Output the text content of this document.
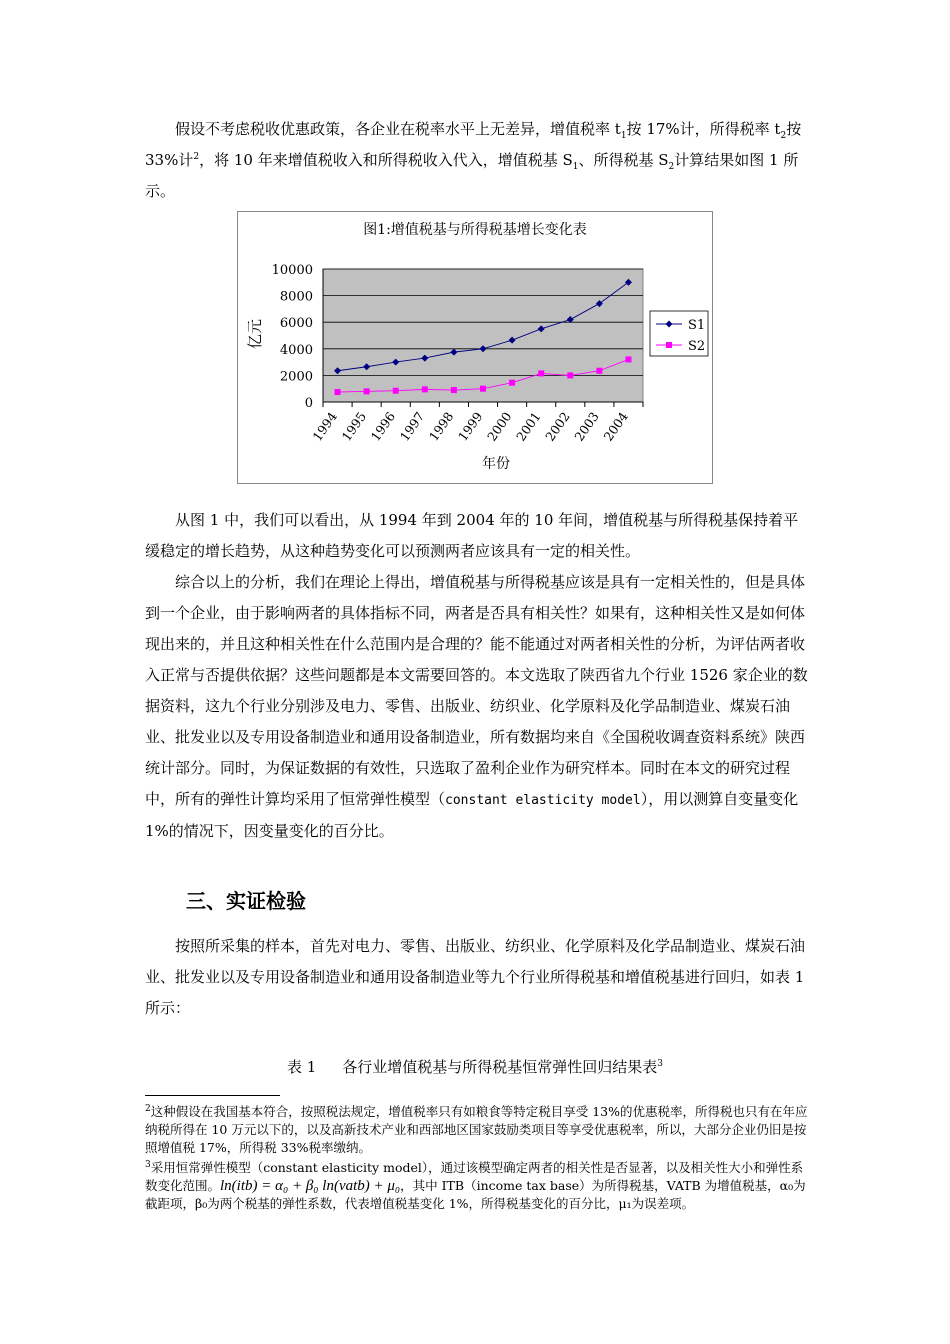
假设不考虑税收优惠政策，各企业在税率水平上无差异，增值税率 $t_1$按 17%计，所得税率 $t_2$按 33%计$^2$，将 10 年来增值税收入和所得税收入代入，增值税基 $S_1$、所得税基 $S_2$计算结果如图 1 所示。

图1:增值税基与所得税基增长变化表
亿元
年份
0
2000
4000
6000
8000
10000
1994
1995
1996
1997
1998
1999
2000
2001
2002
2003
2004
S1
S2

从图 1 中，我们可以看出，从 1994 年到 2004 年的 10 年间，增值税基与所得税基保持着平缓稳定的增长趋势，从这种趋势变化可以预测两者应该具有一定的相关性。

综合以上的分析，我们在理论上得出，增值税基与所得税基应该是具有一定相关性的，但是具体到一个企业，由于影响两者的具体指标不同，两者是否具有相关性？如果有，这种相关性又是如何体现出来的，并且这种相关性在什么范围内是合理的？能不能通过对两者相关性的分析，为评估两者收入正常与否提供依据？这些问题都是本文需要回答的。本文选取了陕西省九个行业 1526 家企业的数据资料，这九个行业分别涉及电力、零售、出版业、纺织业、化学原料及化学品制造业、煤炭石油业、批发业以及专用设备制造业和通用设备制造业，所有数据均来自《全国税收调查资料系统》陕西统计部分。同时，为保证数据的有效性，只选取了盈利企业作为研究样本。同时在本文的研究过程中，所有的弹性计算均采用了恒常弹性模型（constant elasticity model），用以测算自变量变化 1%的情况下，因变量变化的百分比。

三、实证检验

按照所采集的样本，首先对电力、零售、出版业、纺织业、化学原料及化学品制造业、煤炭石油业、批发业以及专用设备制造业和通用设备制造业等九个行业所得税基和增值税基进行回归，如表 1 所示：

表 1 各行业增值税基与所得税基恒常弹性回归结果表$^3$

$^2$这种假设在我国基本符合，按照税法规定，增值税率只有如粮食等特定税目享受 13%的优惠税率，所得税也只有在年应纳税所得在 10 万元以下的，以及高新技术产业和西部地区国家鼓励类项目等享受优惠税率，所以，大部分企业仍旧是按照增值税 17%，所得税 33%税率缴纳。

$^3$采用恒常弹性模型（constant elasticity model），通过该模型确定两者的相关性是否显著，以及相关性大小和弹性系数变化范围。ln(itb) = α₀ + β₀ ln(vatb) + μ₀，其中 ITB（income tax base）为所得税基，VATB 为增值税基，α₀为截距项，β₀为两个税基的弹性系数，代表增值税基变化 1%，所得税基变化的百分比，μ₁为误差项。
